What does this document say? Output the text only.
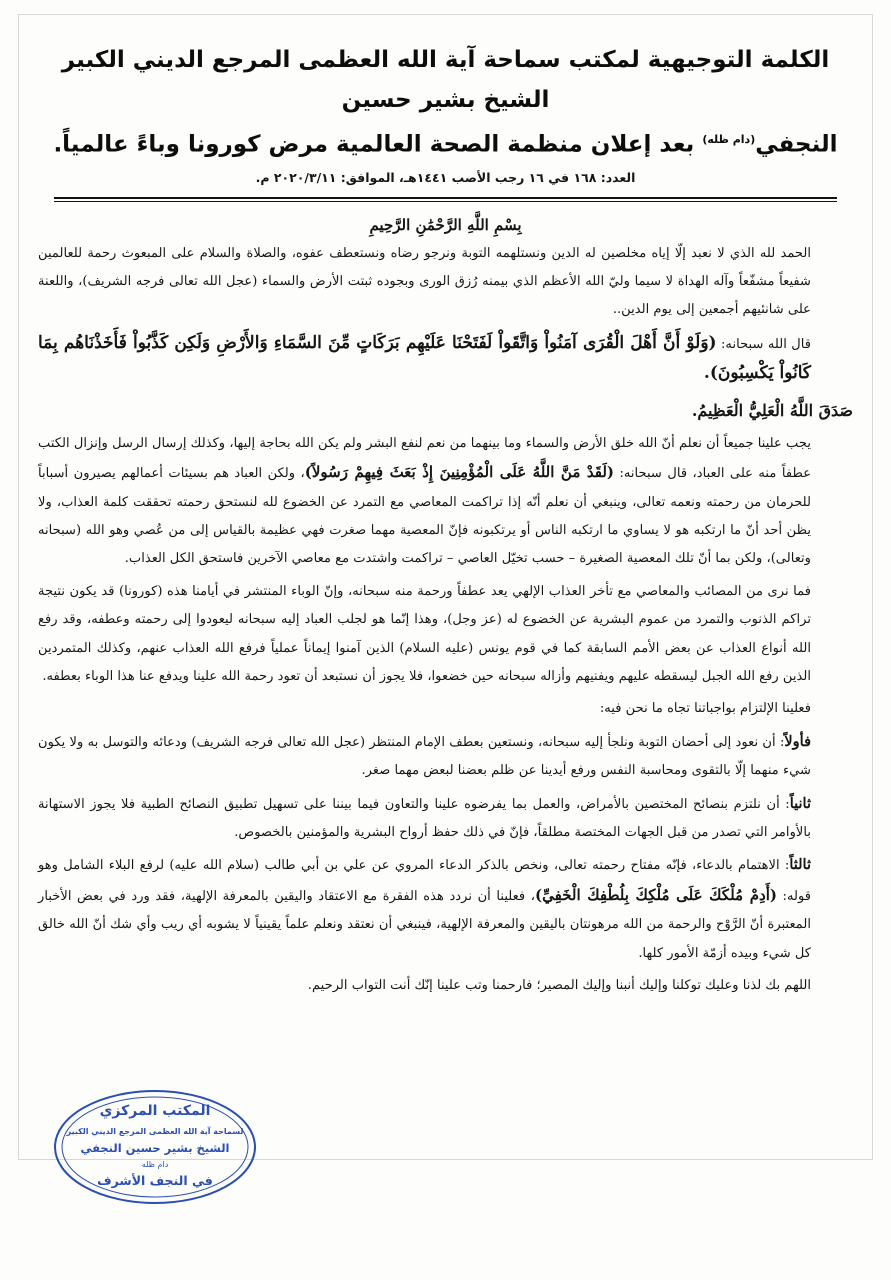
الكلمة التوجيهية لمكتب سماحة آية الله العظمى المرجع الديني الكبير الشيخ بشير حسين
النجفي$^{(دام ظله)}$ بعد إعلان منظمة الصحة العالمية مرض كورونا وباءً عالمياً.
العدد: ١٦٨ في ١٦ رجب الأصب ١٤٤١هـ، الموافق: ٢٠٢٠/٣/١١ م.
بِسْمِ اللَّهِ الرَّحْمَٰنِ الرَّحِيمِ

الحمد لله الذي لا نعبد إلّا إياه مخلصين له الدين ونستلهمه التوبة ونرجو رضاه ونستعطف عفوه، والصلاة والسلام على المبعوث رحمة للعالمين شفيعاً مشفّعاً وآله الهداة لا سيما وليّ الله الأعظم الذي بيمنه رُزق الورى وبجوده ثبتت الأرض والسماء (عجل الله تعالى فرجه الشريف)، واللعنة على شانئيهم أجمعين إلى يوم الدين..

قال الله سبحانه: (وَلَوْ أَنَّ أَهْلَ الْقُرَى آمَنُواْ وَاتَّقَواْ لَفَتَحْنَا عَلَيْهِم بَرَكَاتٍ مِّنَ السَّمَاءِ وَالأَرْضِ وَلَكِن كَذَّبُواْ فَأَخَذْنَاهُم بِمَا كَانُواْ يَكْسِبُونَ).

صَدَقَ اللَّهُ الْعَلِيُّ الْعَظِيمُ.

يجب علينا جميعاً أن نعلم أنّ الله خلق الأرض والسماء وما بينهما من نعم لنفع البشر ولم يكن الله بحاجة إليها، وكذلك إرسال الرسل وإنزال الكتب عطفاً منه على العباد، قال سبحانه: (لَقَدْ مَنَّ اللَّهُ عَلَى الْمُؤْمِنِينَ إِذْ بَعَثَ فِيهِمْ رَسُولاً)، ولكن العباد هم بسيئات أعمالهم يصيرون أسباباً للحرمان من رحمته ونعمه تعالى، وينبغي أن نعلم أنّه إذا تراكمت المعاصي مع التمرد عن الخضوع لله لنستحق رحمته تحققت كلمة العذاب، ولا يظن أحد أنّ ما ارتكبه هو لا يساوي ما ارتكبه الناس أو يرتكبونه فإنّ المعصية مهما صغرت فهي عظيمة بالقياس إلى من عُصي وهو الله (سبحانه وتعالى)، ولكن بما أنّ تلك المعصية الصغيرة – حسب تخيّل العاصي – تراكمت واشتدت مع معاصي الآخرين فاستحق الكل العذاب.

فما نرى من المصائب والمعاصي مع تأخر العذاب الإلهي يعد عطفاً ورحمة منه سبحانه، وإنّ الوباء المنتشر في أيامنا هذه (كورونا) قد يكون نتيجة تراكم الذنوب والتمرد من عموم البشرية عن الخضوع له (عز وجل)، وهذا إنّما هو لجلب العباد إليه سبحانه ليعودوا إلى رحمته وعطفه، وقد رفع الله أنواع العذاب عن بعض الأمم السابقة كما في قوم يونس (عليه السلام) الذين آمنوا إيماناً عملياً فرفع الله العذاب عنهم، وكذلك المتمردين الذين رفع الله الجبل ليسقطه عليهم ويفنيهم وأزاله سبحانه حين خضعوا، فلا يجوز أن نستبعد أن تعود رحمة الله علينا ويدفع عنا هذا الوباء بعطفه.

فعلينا الإلتزام بواجباتنا تجاه ما نحن فيه:

فأولاً: أن نعود إلى أحضان التوبة ونلجأ إليه سبحانه، ونستعين بعطف الإمام المنتظر (عجل الله تعالى فرجه الشريف) ودعائه والتوسل به ولا يكون شيء منهما إلّا بالتقوى ومحاسبة النفس ورفع أيدينا عن ظلم بعضنا لبعض مهما صغر.

ثانياً: أن نلتزم بنصائح المختصين بالأمراض، والعمل بما يفرضوه علينا والتعاون فيما بيننا على تسهيل تطبيق النصائح الطبية فلا يجوز الاستهانة بالأوامر التي تصدر من قبل الجهات المختصة مطلقاً، فإنّ في ذلك حفظ أرواح البشرية والمؤمنين بالخصوص.

ثالثاً: الاهتمام بالدعاء، فإنّه مفتاح رحمته تعالى، ونخص بالذكر الدعاء المروي عن علي بن أبي طالب (سلام الله عليه) لرفع البلاء الشامل وهو قوله: (أَدِمْ مُلْكَكَ عَلَى مُلْكِكَ بِلُطْفِكَ الْخَفِيِّ)، فعلينا أن نردد هذه الفقرة مع الاعتقاد واليقين بالمعرفة الإلهية، فقد ورد في بعض الأخبار المعتبرة أنّ الرَّوْح والرحمة من الله مرهونتان باليقين والمعرفة الإلهية، فينبغي أن نعتقد ونعلم علماً يقينياً لا يشوبه أي ريب وأي شك أنّ الله خالق كل شيء وبيده أزمّة الأمور كلها.

اللهم بك لذنا وعليك توكلنا وإليك أنبنا وإليك المصير؛ فارحمنا وتب علينا إنّك أنت التواب الرحيم.

المكتب المركزي
لسماحة آية الله العظمى المرجع الديني الكبير
الشيخ بشير حسين النجفي
دام ظله
في النجف الأشرف
